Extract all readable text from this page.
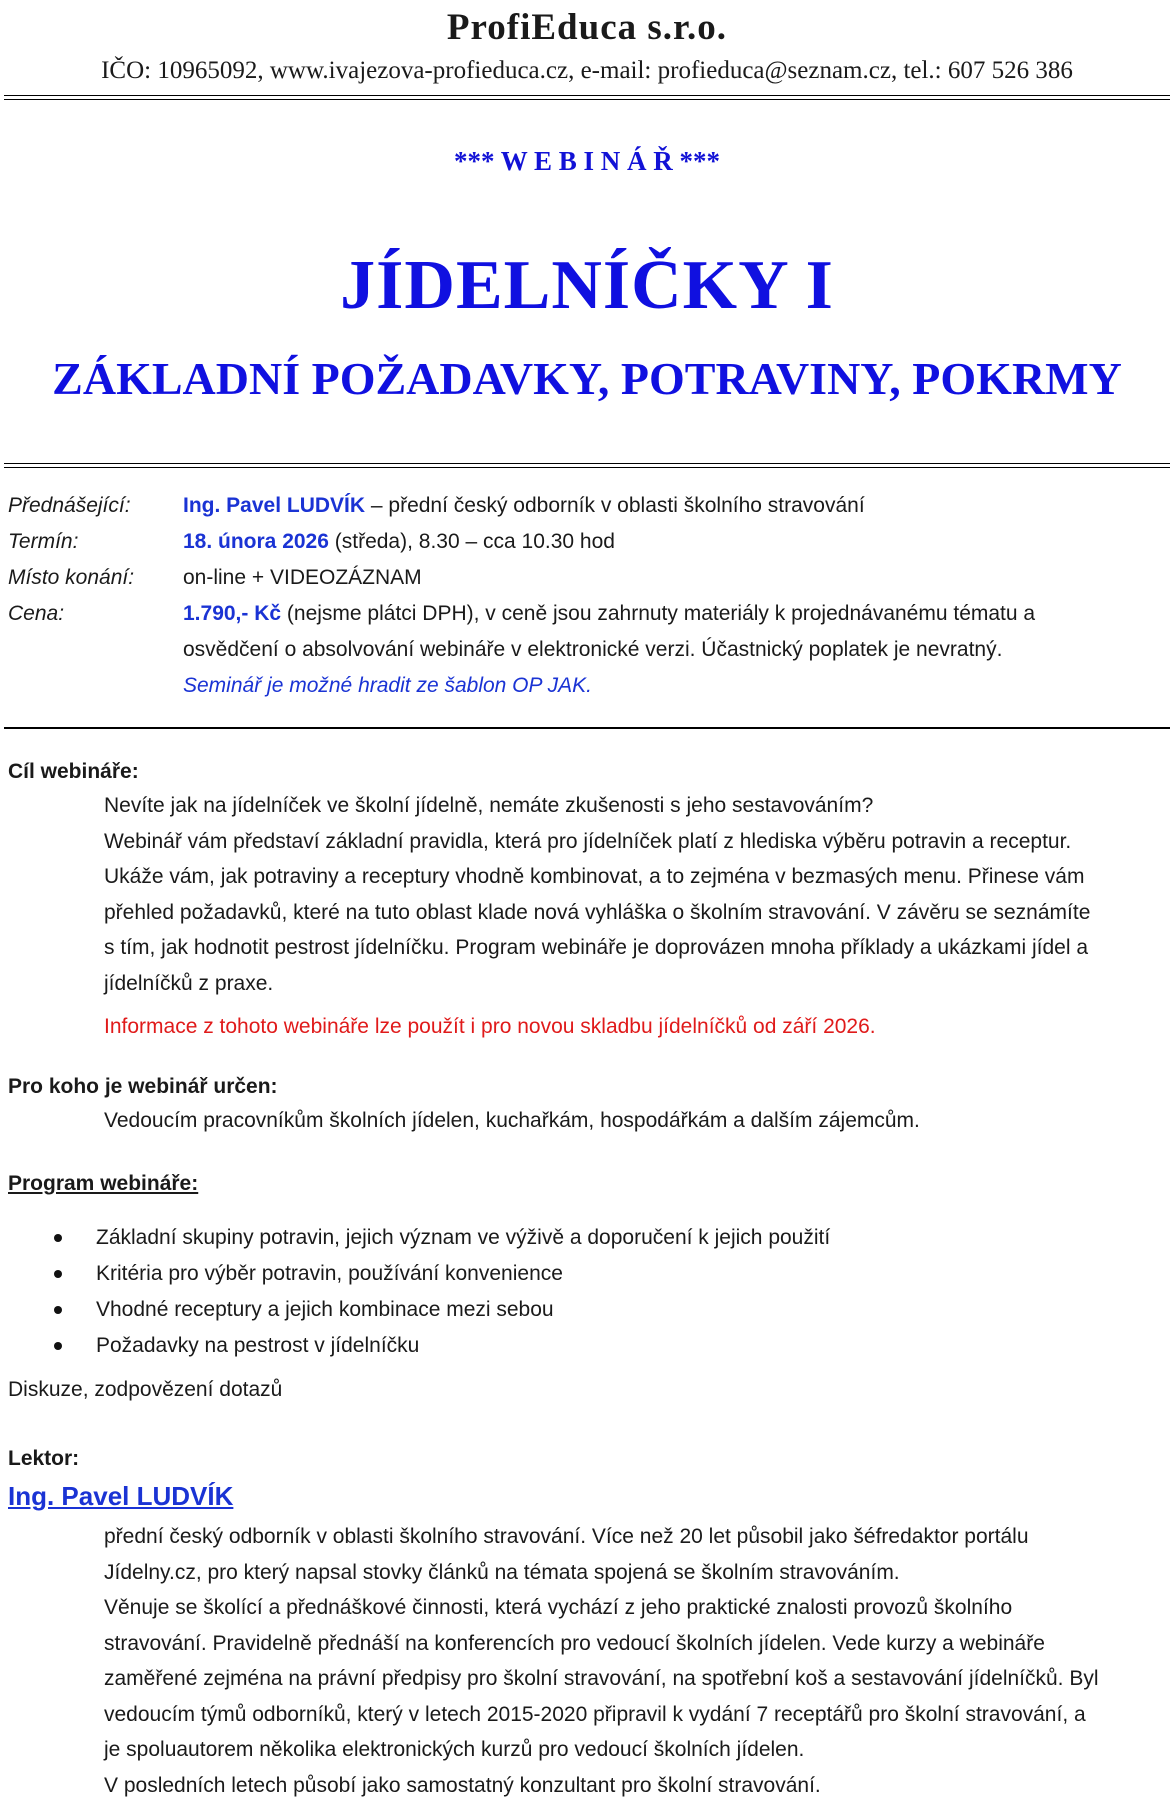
ProfiEduca s.r.o.
IČO: 10965092, www.ivajezova-profieduca.cz, e-mail: profieduca@seznam.cz, tel.: 607 526 386
*** W E B I N Á Ř ***
JÍDELNÍČKY I
ZÁKLADNÍ POŽADAVKY, POTRAVINY, POKRMY
Přednášející: Ing. Pavel LUDVÍK – přední český odborník v oblasti školního stravování
Termín:	18. února 2026 (středa), 8.30 – cca 10.30 hod
Místo konání: on-line + VIDEOZÁZNAM
Cena:	1.790,- Kč (nejsme plátci DPH), v ceně jsou zahrnuty materiály k projednávanému tématu a
osvědčení o absolvování webináře v elektronické verzi. Účastnický poplatek je nevratný.
Seminář je možné hradit ze šablon OP JAK.
Cíl webináře:
Nevíte jak na jídelníček ve školní jídelně, nemáte zkušenosti s jeho sestavováním?
Webinář vám představí základní pravidla, která pro jídelníček platí z hlediska výběru potravin a receptur.
Ukáže vám, jak potraviny a receptury vhodně kombinovat, a to zejména v bezmasých menu. Přinese vám
přehled požadavků, které na tuto oblast klade nová vyhláška o školním stravování. V závěru se seznámíte
s tím, jak hodnotit pestrost jídelníčku. Program webináře je doprovázen mnoha příklady a ukázkami jídel a
jídelníčků z praxe.
Informace z tohoto webináře lze použít i pro novou skladbu jídelníčků od září 2026.
Pro koho je webinář určen:
Vedoucím pracovníkům školních jídelen, kuchařkám, hospodářkám a dalším zájemcům.
Program webináře:
Základní skupiny potravin, jejich význam ve výživě a doporučení k jejich použití
Kritéria pro výběr potravin, používání konvenience
Vhodné receptury a jejich kombinace mezi sebou
Požadavky na pestrost v jídelníčku
Diskuze, zodpovězení dotazů
Lektor:
Ing. Pavel LUDVÍK
přední český odborník v oblasti školního stravování. Více než 20 let působil jako šéfredaktor portálu
Jídelny.cz, pro který napsal stovky článků na témata spojená se školním stravováním.
Věnuje se školící a přednáškové činnosti, která vychází z jeho praktické znalosti provozů školního
stravování. Pravidelně přednáší na konferencích pro vedoucí školních jídelen. Vede kurzy a webináře
zaměřené zejména na právní předpisy pro školní stravování, na spotřební koš a sestavování jídelníčků. Byl
vedoucím týmů odborníků, který v letech 2015-2020 připravil k vydání 7 receptářů pro školní stravování, a
je spoluautorem několika elektronických kurzů pro vedoucí školních jídelen.
V posledních letech působí jako samostatný konzultant pro školní stravování.
